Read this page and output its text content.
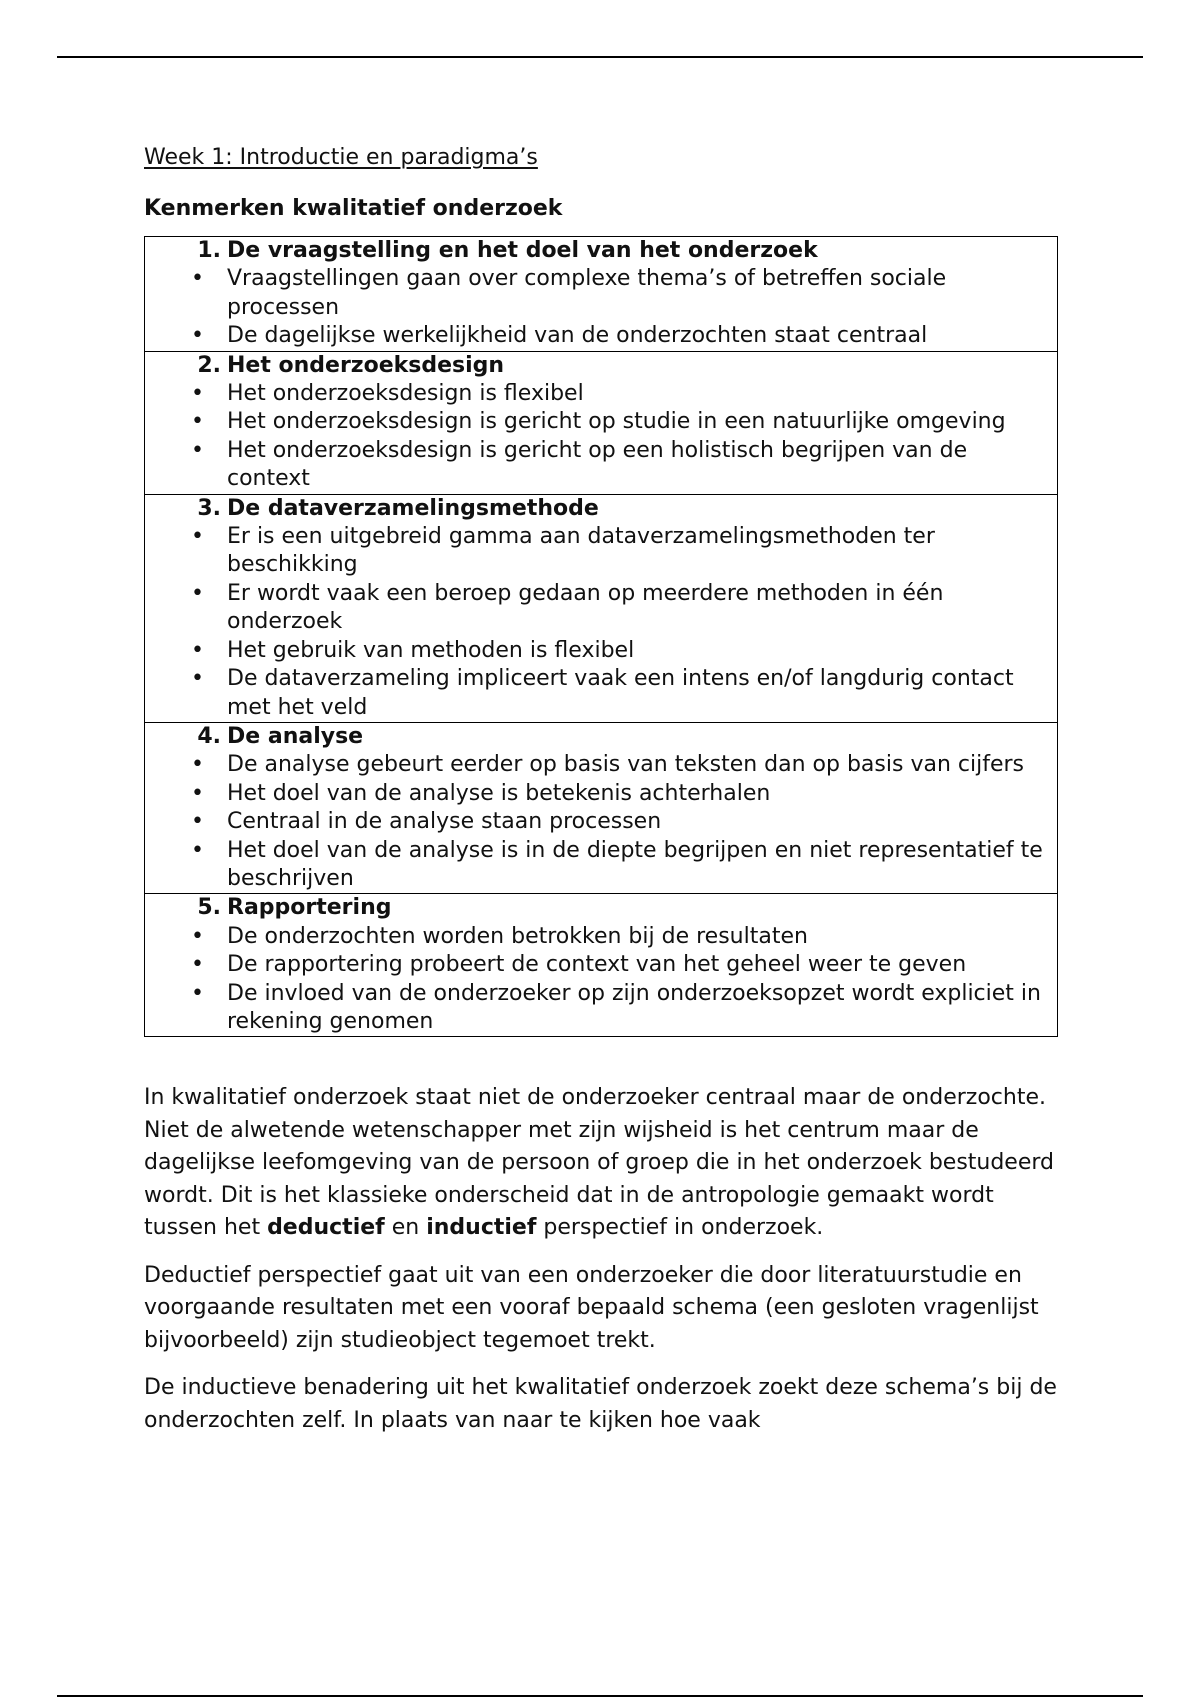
Week 1: Introductie en paradigma’s

Kenmerken kwalitatief onderzoek

1. De vraagstelling en het doel van het onderzoek
•
Vraagstellingen gaan over complexe thema’s of betreffen sociale processen
•
De dagelijkse werkelijkheid van de onderzochten staat centraal

2. Het onderzoeksdesign
•
Het onderzoeksdesign is flexibel
•
Het onderzoeksdesign is gericht op studie in een natuurlijke omgeving
•
Het onderzoeksdesign is gericht op een holistisch begrijpen van de context

3. De dataverzamelingsmethode
•
Er is een uitgebreid gamma aan dataverzamelingsmethoden ter beschikking
•
Er wordt vaak een beroep gedaan op meerdere methoden in één onderzoek
•
Het gebruik van methoden is flexibel
•
De dataverzameling impliceert vaak een intens en/of langdurig contact met het veld

4. De analyse
•
De analyse gebeurt eerder op basis van teksten dan op basis van cijfers
•
Het doel van de analyse is betekenis achterhalen
•
Centraal in de analyse staan processen
•
Het doel van de analyse is in de diepte begrijpen en niet representatief te beschrijven

5. Rapportering
•
De onderzochten worden betrokken bij de resultaten
•
De rapportering probeert de context van het geheel weer te geven
•
De invloed van de onderzoeker op zijn onderzoeksopzet wordt expliciet in rekening genomen

In kwalitatief onderzoek staat niet de onderzoeker centraal maar de onderzochte. Niet de alwetende wetenschapper met zijn wijsheid is het centrum maar de dagelijkse leefomgeving van de persoon of groep die in het onderzoek bestudeerd wordt. Dit is het klassieke onderscheid dat in de antropologie gemaakt wordt tussen het deductief en inductief perspectief in onderzoek.

Deductief perspectief gaat uit van een onderzoeker die door literatuurstudie en voorgaande resultaten met een vooraf bepaald schema (een gesloten vragenlijst bijvoorbeeld) zijn studieobject tegemoet trekt.

De inductieve benadering uit het kwalitatief onderzoek zoekt deze schema’s bij de onderzochten zelf. In plaats van naar te kijken hoe vaak
